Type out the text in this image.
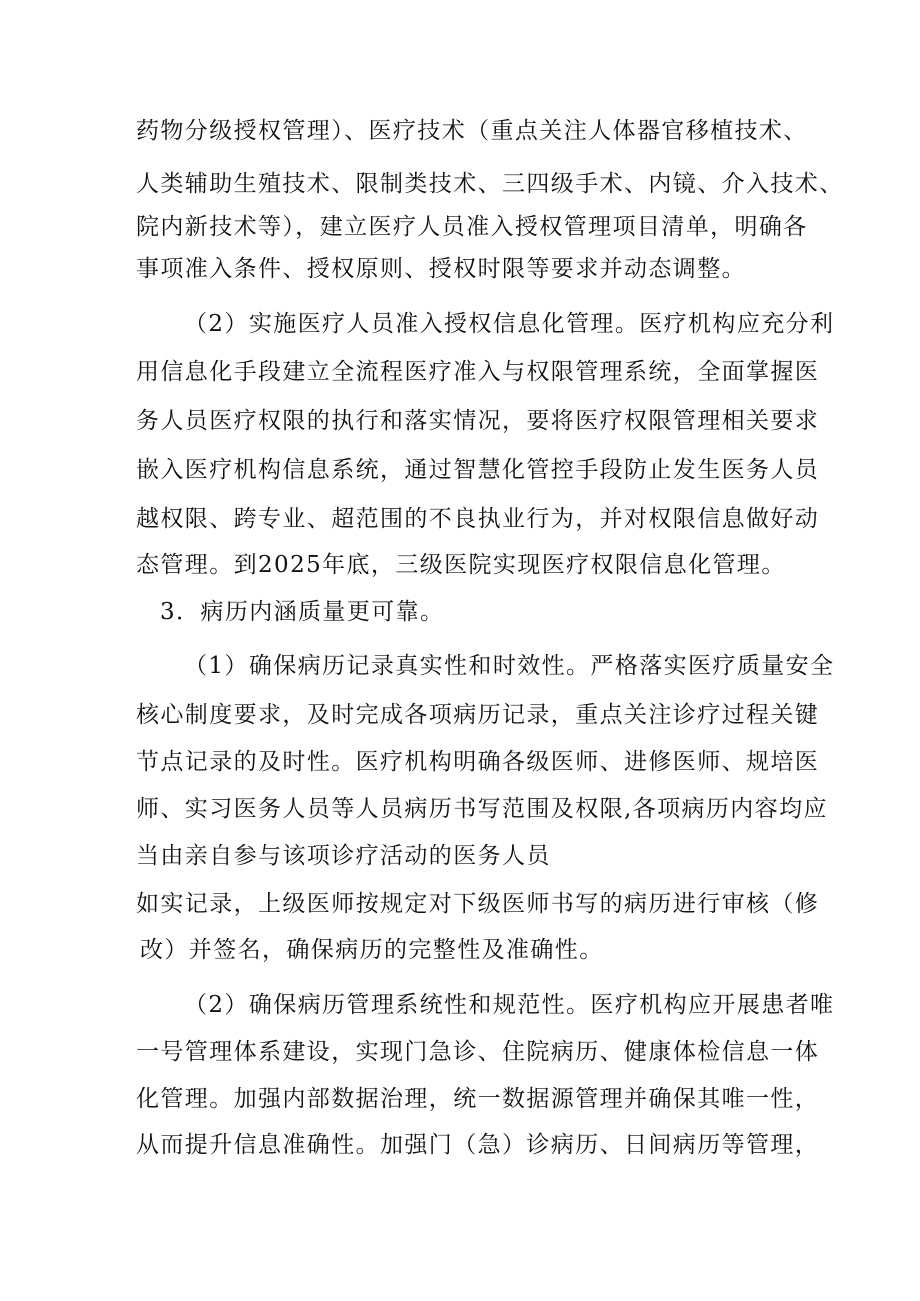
药物分级授权管理）、医疗技术（重点关注人体器官移植技术、
人类辅助生殖技术、限制类技术、三四级手术、内镜、介入技术、
院内新技术等），建立医疗人员准入授权管理项目清单，明确各
事项准入条件、授权原则、授权时限等要求并动态调整。
（2）实施医疗人员准入授权信息化管理。医疗机构应充分利
用信息化手段建立全流程医疗准入与权限管理系统，全面掌握医
务人员医疗权限的执行和落实情况，要将医疗权限管理相关要求
嵌入医疗机构信息系统，通过智慧化管控手段防止发生医务人员
越权限、跨专业、超范围的不良执业行为，并对权限信息做好动
态管理。到2025年底，三级医院实现医疗权限信息化管理。
3．病历内涵质量更可靠。
（1）确保病历记录真实性和时效性。严格落实医疗质量安全
核心制度要求，及时完成各项病历记录，重点关注诊疗过程关键
节点记录的及时性。医疗机构明确各级医师、进修医师、规培医
师、实习医务人员等人员病历书写范围及权限,各项病历内容均应
当由亲自参与该项诊疗活动的医务人员
如实记录，上级医师按规定对下级医师书写的病历进行审核（修
改）并签名，确保病历的完整性及准确性。
（2）确保病历管理系统性和规范性。医疗机构应开展患者唯
一号管理体系建设，实现门急诊、住院病历、健康体检信息一体
化管理。加强内部数据治理，统一数据源管理并确保其唯一性，
从而提升信息准确性。加强门（急）诊病历、日间病历等管理，
